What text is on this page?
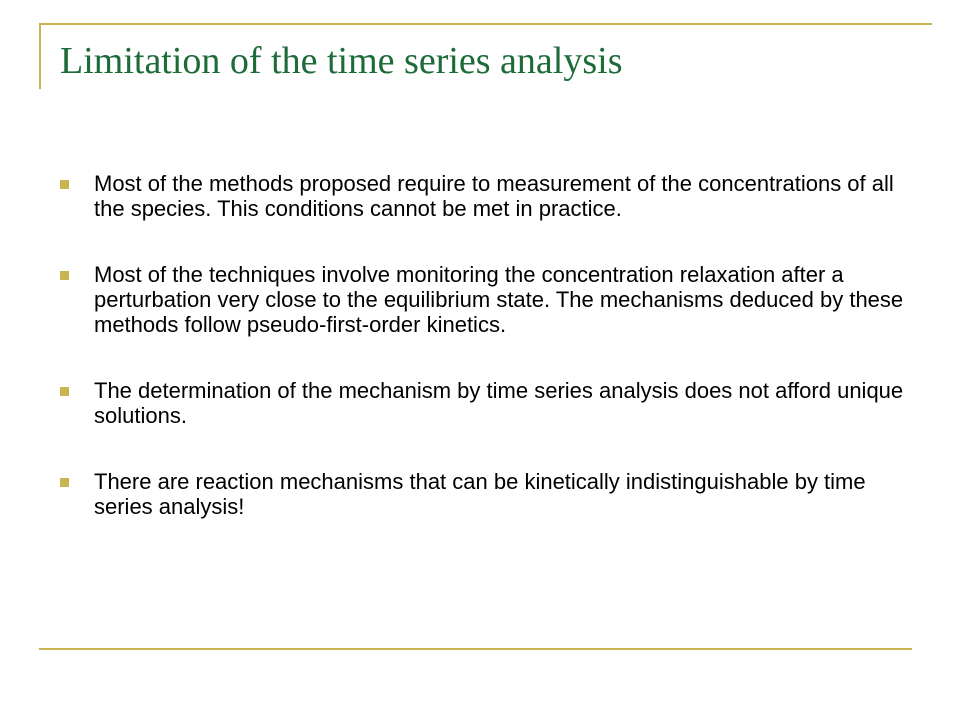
Limitation of the time series analysis
Most of the methods proposed require to measurement of the concentrations of all the species. This conditions cannot be met in practice.
Most of the techniques involve monitoring the concentration relaxation after a perturbation very close to the equilibrium state. The mechanisms deduced by these methods follow pseudo-first-order kinetics.
The determination of the mechanism by time series analysis does not afford unique solutions.
There are reaction mechanisms that can be kinetically indistinguishable by time series analysis!
